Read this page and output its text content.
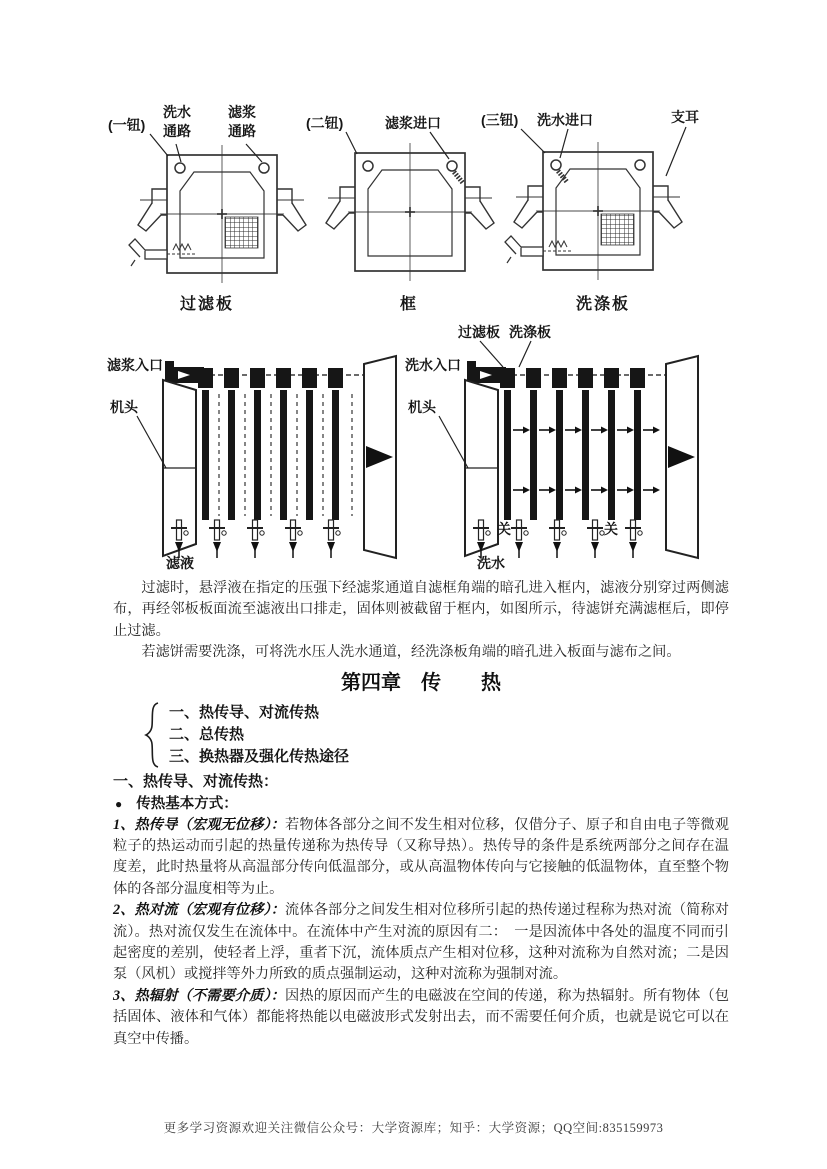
(一钮)
洗水
通路
滤浆
通路
过滤板
(二钮)	滤浆进口
框
(三钮) 洗水进口	支耳
洗涤板
滤浆入口
机头
滤液
过滤板 洗涤板
洗水入口
机头
关	关
洗水

过滤时，悬浮液在指定的压强下经滤浆通道自滤框角端的暗孔进入框内，滤液分别穿过两侧滤布，再经邻板板面流至滤液出口排走，固体则被截留于框内，如图所示，待滤饼充满滤框后，即停止过滤。

若滤饼需要洗涤，可将洗水压人洗水通道，经洗涤板角端的暗孔进入板面与滤布之间。

第四章　传　　热
一、热传导、对流传热
二、总传热
三、换热器及强化传热途径
一、热传导、对流传热：
● 传热基本方式：

1、热传导（宏观无位移）：若物体各部分之间不发生相对位移，仅借分子、原子和自由电子等微观粒子的热运动而引起的热量传递称为热传导（又称导热）。热传导的条件是系统两部分之间存在温度差，此时热量将从高温部分传向低温部分，或从高温物体传向与它接触的低温物体，直至整个物体的各部分温度相等为止。

2、热对流（宏观有位移）：流体各部分之间发生相对位移所引起的热传递过程称为热对流（简称对流）。热对流仅发生在流体中。在流体中产生对流的原因有二：　一是因流体中各处的温度不同而引起密度的差别，使轻者上浮，重者下沉，流体质点产生相对位移，这种对流称为自然对流；二是因泵（风机）或搅拌等外力所致的质点强制运动，这种对流称为强制对流。

3、热辐射（不需要介质）：因热的原因而产生的电磁波在空间的传递，称为热辐射。所有物体（包括固体、液体和气体）都能将热能以电磁波形式发射出去，而不需要任何介质，也就是说它可以在真空中传播。

更多学习资源欢迎关注微信公众号：大学资源库；知乎：大学资源；QQ空间:835159973
